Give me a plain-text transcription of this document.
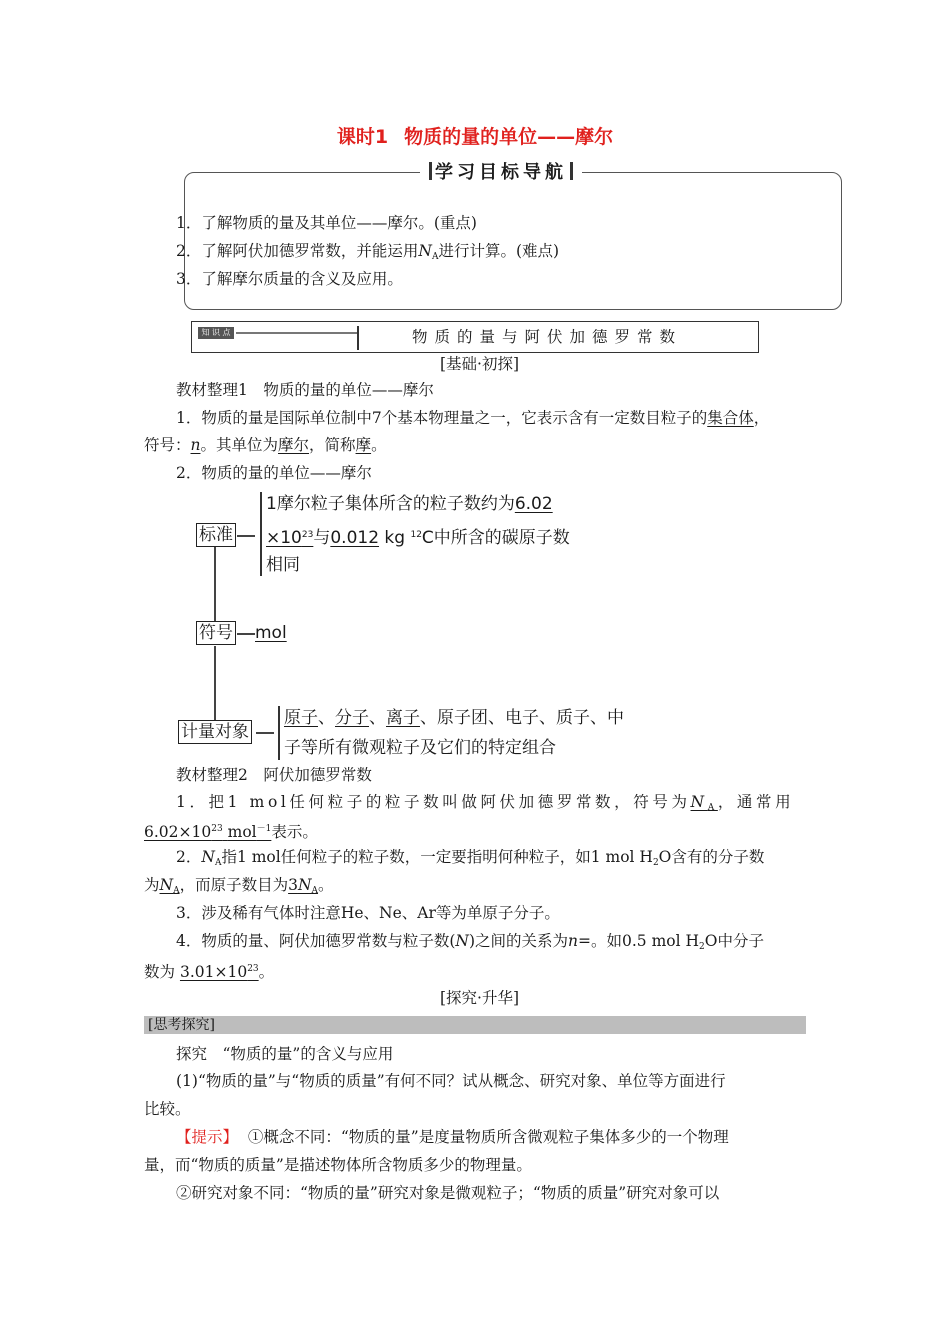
课时1 物质的量的单位——摩尔
学习目标导航
1．了解物质的量及其单位——摩尔。(重点)
2．了解阿伏加德罗常数，并能运用$N_A$进行计算。(难点)
3．了解摩尔质量的含义及应用。
知 识 点	物质的量与阿伏加德罗常数
[基础·初探]
教材整理1　物质的量的单位——摩尔
1．物质的量是国际单位制中7个基本物理量之一，它表示含有一定数目粒子的集合体，
符号：n。其单位为摩尔，简称摩。
2．物质的量的单位——摩尔
标准
1摩尔粒子集体所含的粒子数约为6.02
$\times 10^{23}$与0.012 kg $^{12}$C中所含的碳原子数
相同
符号 mol
计量对象
原子、分子、离子、原子团、电子、质子、中
子等所有微观粒子及它们的特定组合
教材整理2　阿伏加德罗常数
1．把1 mol任何粒子的粒子数叫做阿伏加德罗常数，符号为$N_A$，通常用
$6.02\times 10^{23}$ mol$^{-1}$表示。
2．$N_A$指1 mol任何粒子的粒子数，一定要指明何种粒子，如1 mol $H_2O$含有的分子数
为$N_A$，而原子数目为$3N_A$。
3．涉及稀有气体时注意He、Ne、Ar等为单原子分子。
4．物质的量、阿伏加德罗常数与粒子数(N)之间的关系为n=。如0.5 mol $H_2O$中分子
数为 $3.01\times 10^{23}$。
[探究·升华]
[思考探究]
探究　“物质的量”的含义与应用
(1)“物质的量”与“物质的质量”有何不同？试从概念、研究对象、单位等方面进行
比较。
【提示】 ①概念不同：“物质的量”是度量物质所含微观粒子集体多少的一个物理
量，而“物质的质量”是描述物体所含物质多少的物理量。
②研究对象不同：“物质的量”研究对象是微观粒子；“物质的质量”研究对象可以
